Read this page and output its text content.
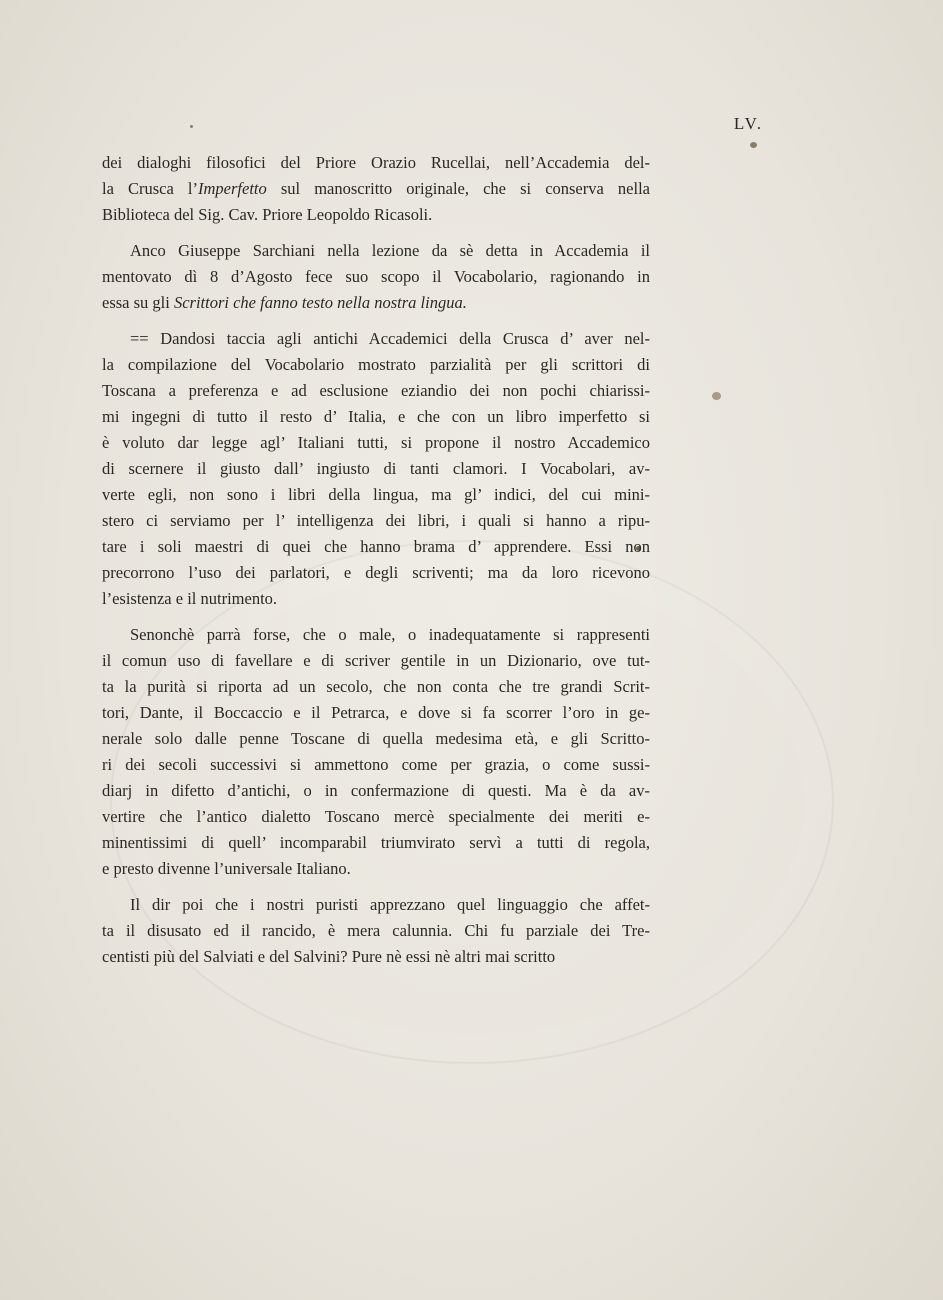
LV.
dei dialoghi filosofici del Priore Orazio Rucellai, nell’Accademia del-
la Crusca l’Imperfetto sul manoscritto originale, che si conserva nella
Biblioteca del Sig. Cav. Priore Leopoldo Ricasoli.
Anco Giuseppe Sarchiani nella lezione da sè detta in Accademia il
mentovato dì 8 d’Agosto fece suo scopo il Vocabolario, ragionando in
essa su gli Scrittori che fanno testo nella nostra lingua.
== Dandosi taccia agli antichi Accademici della Crusca d’ aver nel-
la compilazione del Vocabolario mostrato parzialità per gli scrittori di
Toscana a preferenza e ad esclusione eziandio dei non pochi chiarissi-
mi ingegni di tutto il resto d’ Italia, e che con un libro imperfetto si
è voluto dar legge agl’ Italiani tutti, si propone il nostro Accademico
di scernere il giusto dall’ ingiusto di tanti clamori. I Vocabolari, av-
verte egli, non sono i libri della lingua, ma gl’ indici, del cui mini-
stero ci serviamo per l’ intelligenza dei libri, i quali si hanno a ripu-
tare i soli maestri di quei che hanno brama d’ apprendere. Essi non
precorrono l’uso dei parlatori, e degli scriventi; ma da loro ricevono
l’esistenza e il nutrimento.
Senonchè parrà forse, che o male, o inadequatamente si rappresenti
il comun uso di favellare e di scriver gentile in un Dizionario, ove tut-
ta la purità si riporta ad un secolo, che non conta che tre grandi Scrit-
tori, Dante, il Boccaccio e il Petrarca, e dove si fa scorrer l’oro in ge-
nerale solo dalle penne Toscane di quella medesima età, e gli Scritto-
ri dei secoli successivi si ammettono come per grazia, o come sussi-
diarj in difetto d’antichi, o in confermazione di questi. Ma è da av-
vertire che l’antico dialetto Toscano mercè specialmente dei meriti e-
minentissimi di quell’ incomparabil triumvirato servì a tutti di regola,
e presto divenne l’universale Italiano.
Il dir poi che i nostri puristi apprezzano quel linguaggio che affet-
ta il disusato ed il rancido, è mera calunnia. Chi fu parziale dei Tre-
centisti più del Salviati e del Salvini? Pure nè essi nè altri mai scritto
